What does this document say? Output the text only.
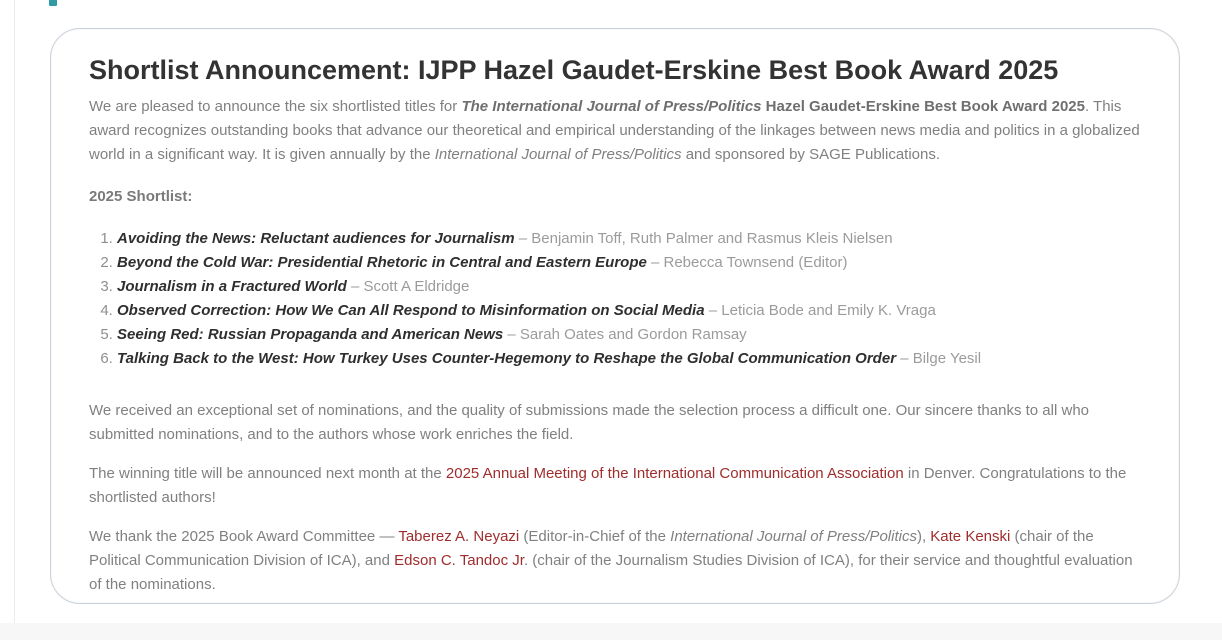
Shortlist Announcement: IJPP Hazel Gaudet-Erskine Best Book Award 2025

We are pleased to announce the six shortlisted titles for The International Journal of Press/Politics Hazel Gaudet-Erskine Best Book Award 2025. This award recognizes outstanding books that advance our theoretical and empirical understanding of the linkages between news media and politics in a globalized world in a significant way. It is given annually by the International Journal of Press/Politics and sponsored by SAGE Publications.

2025 Shortlist:

1. Avoiding the News: Reluctant audiences for Journalism – Benjamin Toff, Ruth Palmer and Rasmus Kleis Nielsen
2. Beyond the Cold War: Presidential Rhetoric in Central and Eastern Europe – Rebecca Townsend (Editor)
3. Journalism in a Fractured World – Scott A Eldridge
4. Observed Correction: How We Can All Respond to Misinformation on Social Media – Leticia Bode and Emily K. Vraga
5. Seeing Red: Russian Propaganda and American News – Sarah Oates and Gordon Ramsay
6. Talking Back to the West: How Turkey Uses Counter-Hegemony to Reshape the Global Communication Order – Bilge Yesil

We received an exceptional set of nominations, and the quality of submissions made the selection process a difficult one. Our sincere thanks to all who submitted nominations, and to the authors whose work enriches the field.

The winning title will be announced next month at the 2025 Annual Meeting of the International Communication Association in Denver. Congratulations to the shortlisted authors!

We thank the 2025 Book Award Committee — Taberez A. Neyazi (Editor-in-Chief of the International Journal of Press/Politics), Kate Kenski (chair of the Political Communication Division of ICA), and Edson C. Tandoc Jr. (chair of the Journalism Studies Division of ICA), for their service and thoughtful evaluation of the nominations.
